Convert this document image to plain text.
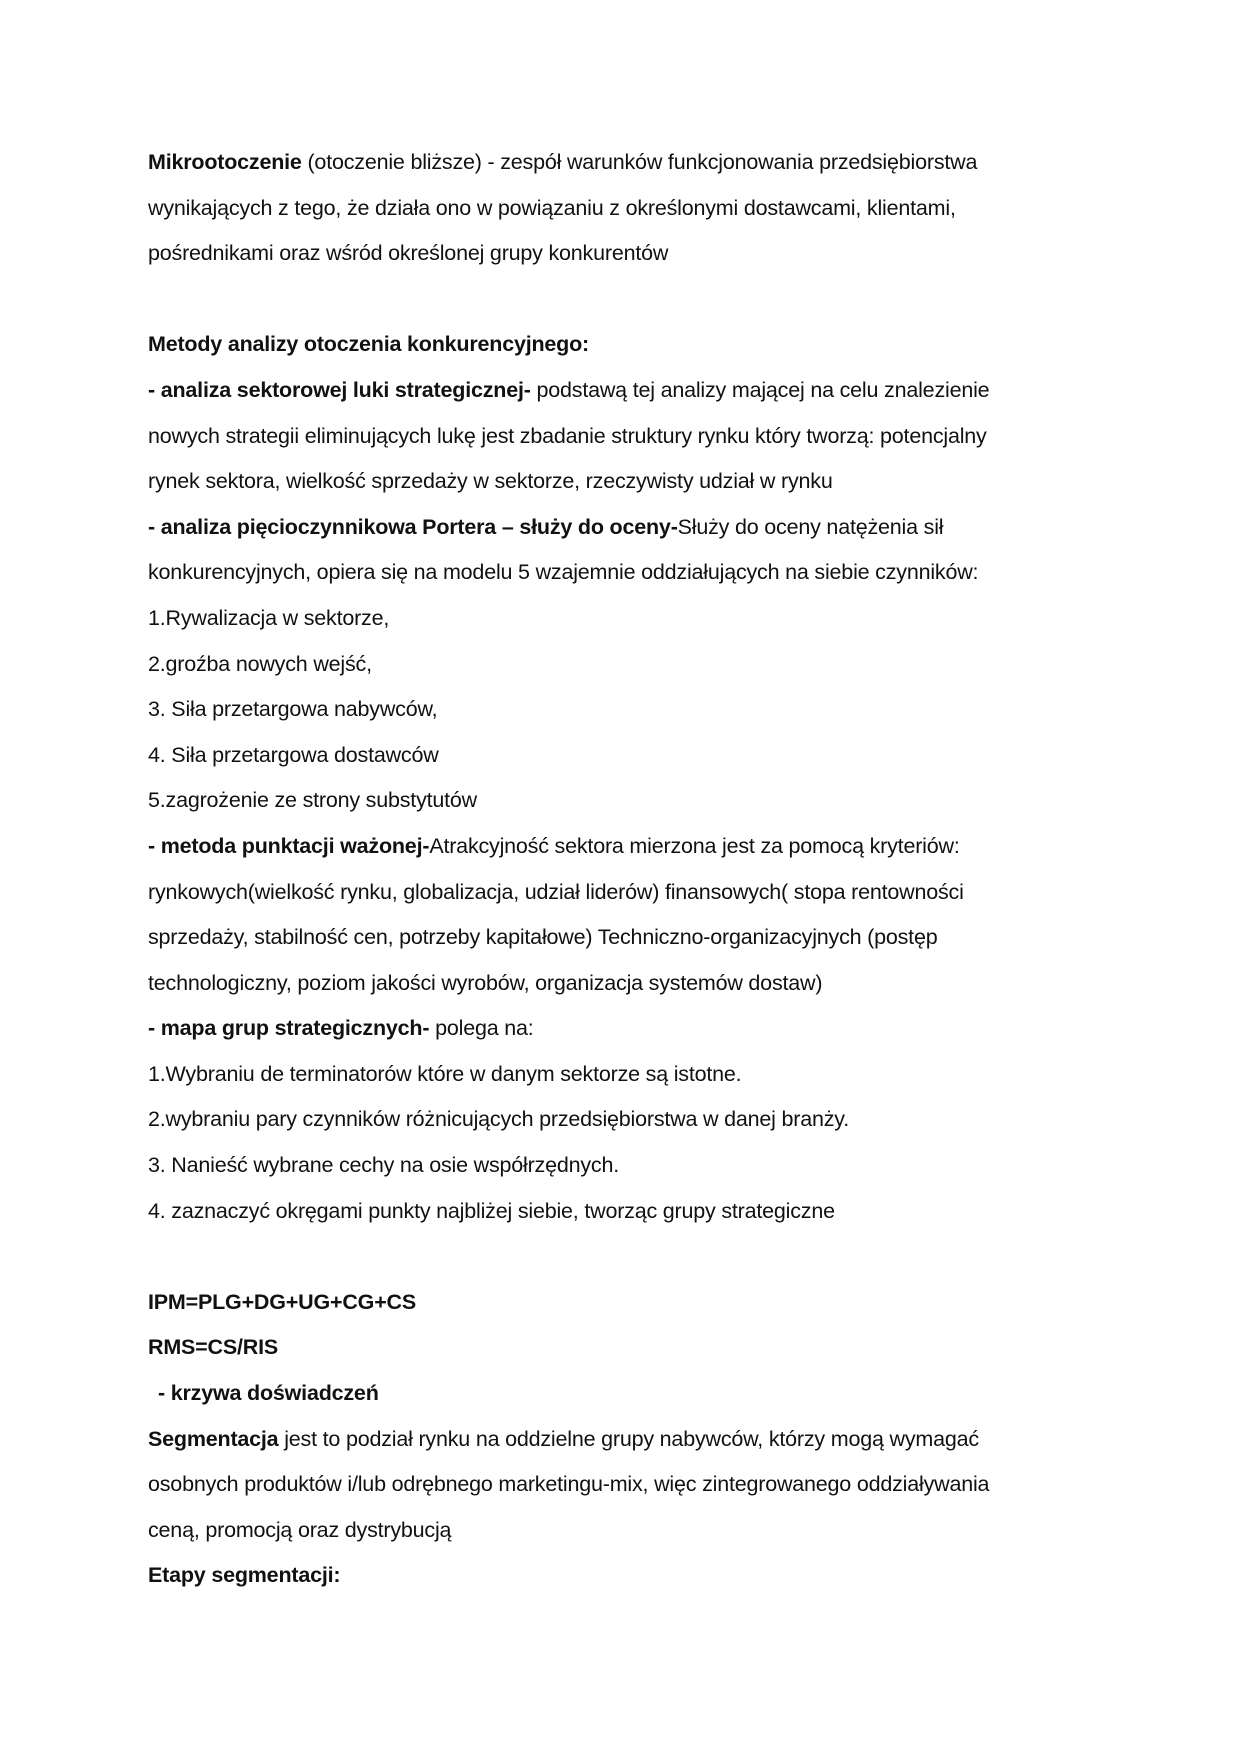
Mikrootoczenie (otoczenie bliższe) - zespół warunków funkcjonowania przedsiębiorstwa
wynikających z tego, że działa ono w powiązaniu z określonymi dostawcami, klientami,
pośrednikami oraz wśród określonej grupy konkurentów
Metody analizy otoczenia konkurencyjnego:
- analiza sektorowej luki strategicznej- podstawą tej analizy mającej na celu znalezienie
nowych strategii eliminujących lukę jest zbadanie struktury rynku który tworzą: potencjalny
rynek sektora, wielkość sprzedaży w sektorze, rzeczywisty udział w rynku
- analiza pięcioczynnikowa Portera – służy do oceny-Służy do oceny natężenia sił
konkurencyjnych, opiera się na modelu 5 wzajemnie oddziałujących na siebie czynników:
1.Rywalizacja w sektorze,
2.groźba nowych wejść,
3. Siła przetargowa nabywców,
4. Siła przetargowa dostawców
5.zagrożenie ze strony substytutów
- metoda punktacji ważonej-Atrakcyjność sektora mierzona jest za pomocą kryteriów:
rynkowych(wielkość rynku, globalizacja, udział liderów) finansowych( stopa rentowności
sprzedaży, stabilność cen, potrzeby kapitałowe) Techniczno-organizacyjnych (postęp
technologiczny, poziom jakości wyrobów, organizacja systemów dostaw)
- mapa grup strategicznych- polega na:
1.Wybraniu de terminatorów które w danym sektorze są istotne.
2.wybraniu pary czynników różnicujących przedsiębiorstwa w danej branży.
3. Nanieść wybrane cechy na osie współrzędnych.
4. zaznaczyć okręgami punkty najbliżej siebie, tworząc grupy strategiczne
IPM=PLG+DG+UG+CG+CS
RMS=CS/RIS
- krzywa doświadczeń
Segmentacja jest to podział rynku na oddzielne grupy nabywców, którzy mogą wymagać
osobnych produktów i/lub odrębnego marketingu-mix, więc zintegrowanego oddziaływania
ceną, promocją oraz dystrybucją
Etapy segmentacji:
